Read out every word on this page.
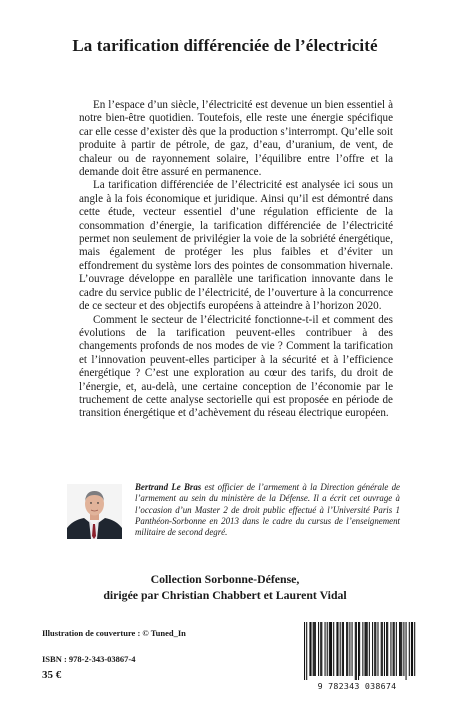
La tarification différenciée de l’électricité

En l’espace d’un siècle, l’électricité est devenue un bien essentiel à notre bien-être quotidien. Toutefois, elle reste une énergie spécifique car elle cesse d’exister dès que la production s’interrompt. Qu’elle soit produite à partir de pétrole, de gaz, d’eau, d’uranium, de vent, de chaleur ou de rayonnement solaire, l’équilibre entre l’offre et la demande doit être assuré en permanence.

La tarification différenciée de l’électricité est analysée ici sous un angle à la fois économique et juridique. Ainsi qu’il est démontré dans cette étude, vecteur essentiel d’une régulation efficiente de la consommation d’énergie, la tarification différenciée de l’électricité permet non seulement de privilégier la voie de la sobriété énergétique, mais également de protéger les plus faibles et d’éviter un effondrement du système lors des pointes de consommation hivernale. L’ouvrage développe en parallèle une tarification innovante dans le cadre du service public de l’électricité, de l’ouverture à la concurrence de ce secteur et des objectifs européens à atteindre à l’horizon 2020.

Comment le secteur de l’électricité fonctionne-t-il et comment des évolutions de la tarification peuvent-elles contribuer à des changements profonds de nos modes de vie ? Comment la tarification et l’innovation peuvent-elles participer à la sécurité et à l’efficience énergétique ? C’est une exploration au cœur des tarifs, du droit de l’énergie, et, au-delà, une certaine conception de l’économie par le truchement de cette analyse sectorielle qui est proposée en période de transition énergétique et d’achèvement du réseau électrique européen.

Bertrand Le Bras est officier de l’armement à la Direction générale de l’armement au sein du ministère de la Défense. Il a écrit cet ouvrage à l’occasion d’un Master 2 de droit public effectué à l’Université Paris 1 Panthéon-Sorbonne en 2013 dans le cadre du cursus de l’enseignement militaire de second degré.
Collection Sorbonne-Défense,
dirigée par Christian Chabbert et Laurent Vidal
Illustration de couverture : © Tuned_In
ISBN : 978-2-343-03867-4
35 €
9 782343 038674
